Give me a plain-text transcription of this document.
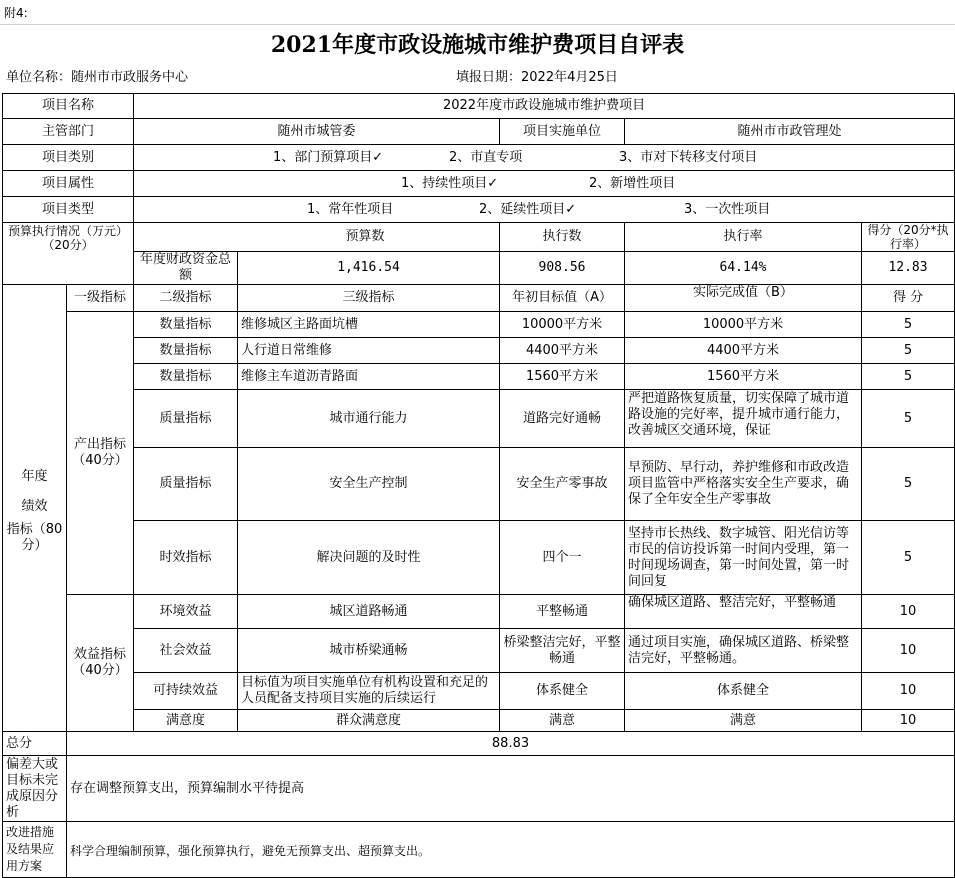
附4:
2021年度市政设施城市维护费项目自评表
单位名称：随州市市政服务中心	填报日期：2022年4月25日
项目名称		2022年度市政设施城市维护费项目				
主管部门		随州市城管委		项目实施单位	随州市市政管理处	
项目类别		1、部门预算项目✓ 2、市直专项 3、市对下转移支付项目				
项目属性		1、持续性项目✓ 2、新增性项目				
项目类型		1、常年性项目 2、延续性项目✓ 3、一次性项目				
预算执行情况（万元）（20分）		预算数		执行数	执行率	得分（20分*执行率）
		年度财政资金总额	1,416.54	908.56	64.14%	12.83

年度
绩效
指标（80分）	一级指标	二级指标	三级指标	年初目标值（A）	实际完成值（B）	得 分
	产出指标（40分）	数量指标	维修城区主路面坑槽	10000平方米	10000平方米	5
		数量指标	人行道日常维修	4400平方米	4400平方米	5
		数量指标	维修主车道沥青路面	1560平方米	1560平方米	5
		质量指标	城市通行能力	道路完好通畅	严把道路恢复质量，切实保障了城市道路设施的完好率，提升城市通行能力，改善城区交通环境，保证	5
		质量指标	安全生产控制	安全生产零事故	早预防、早行动，养护维修和市政改造项目监管中严格落实安全生产要求，确保了全年安全生产零事故	5
		时效指标	解决问题的及时性	四个一	坚持市长热线、数字城管、阳光信访等市民的信访投诉第一时间内受理，第一时间现场调查，第一时间处置，第一时间回复	5
	效益指标（40分）	环境效益	城区道路畅通	平整畅通	确保城区道路、整洁完好，平整畅通	10
		社会效益	城市桥梁通畅	桥梁整洁完好，平整畅通	通过项目实施，确保城区道路、桥梁整洁完好，平整畅通。	10
		可持续效益	目标值为项目实施单位有机构设置和充足的人员配备支持项目实施的后续运行	体系健全	体系健全	10
		满意度	群众满意度	满意	满意	10
总分	88.83					
偏差大或目标未完成原因分析	存在调整预算支出，预算编制水平待提高					
改进措施及结果应用方案	科学合理编制预算，强化预算执行，避免无预算支出、超预算支出。					
